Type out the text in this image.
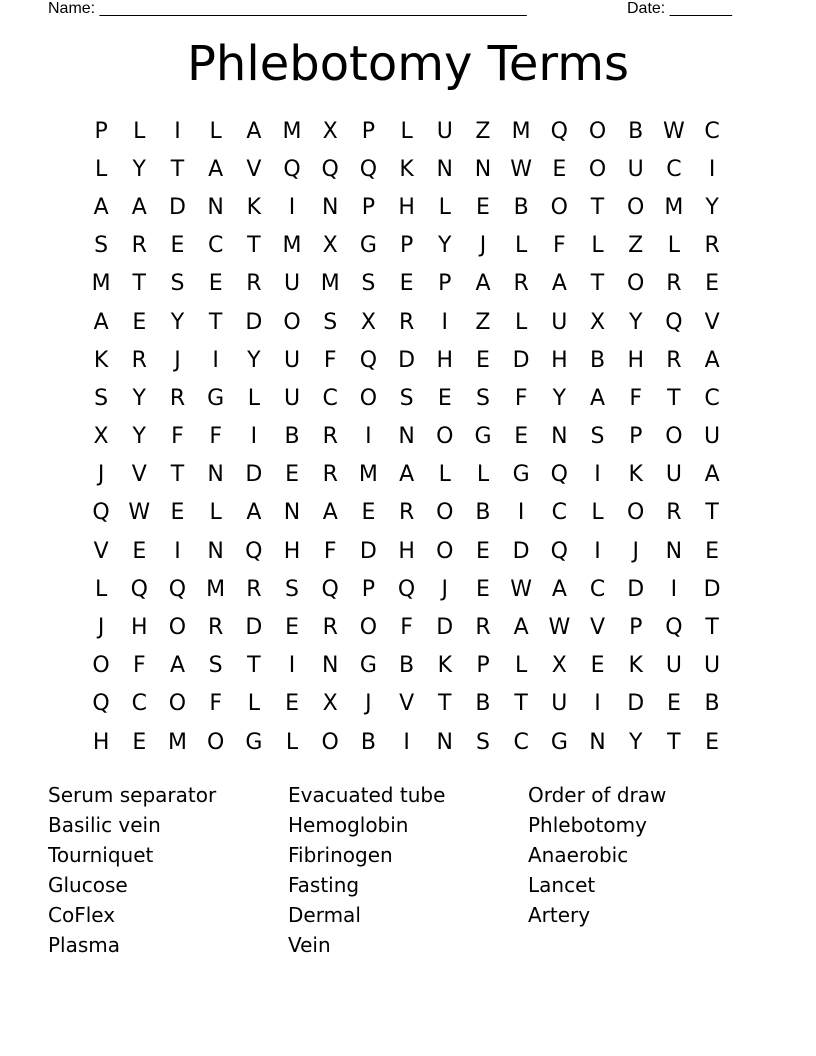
Name: ________________________________________________	Date: _______
Phlebotomy Terms
P	L	I	L	A M X	P	L	U	Z M Q O B W C
L	Y	T	A	V Q Q Q	K	N N W E	O U	C	I
A	A	D N	K	I	N	P	H	L	E	B O	T	O M Y
S	R	E	C	T M X	G	P	Y	J	L	F	L	Z	L	R
M T	S	E	R	U M S	E	P	A	R	A	T	O R	E
A	E	Y	T	D O	S	X	R	I	Z	L	U	X	Y	Q	V
K	R	J	I	Y	U	F	Q D H	E	D H	B	H	R	A
S	Y	R	G	L	U	C O	S	E	S	F	Y	A	F	T	C
X	Y	F	F	I	B	R	I	N O G	E	N	S	P	O U
J	V	T	N D	E	R M A	L	L	G Q	I	K	U	A
Q W E	L	A	N	A	E	R O B	I	C	L	O R	T
V	E	I	N Q H	F	D H O	E	D Q	I	J	N	E
L	Q Q M R	S	Q	P	Q	J	E W A	C	D	I	D
J	H O R	D	E	R O	F	D	R	A W V	P	Q	T
O	F	A	S	T	I	N G	B	K	P	L	X	E	K	U	U
Q C O	F	L	E	X	J	V	T	B	T	U	I	D	E	B
H	E M O G	L	O B	I	N	S	C G N	Y	T	E
Serum separator
Basilic vein
Tourniquet
Glucose
CoFlex
Plasma
Evacuated tube
Hemoglobin
Fibrinogen
Fasting
Dermal
Vein
Order of draw
Phlebotomy
Anaerobic
Lancet
Artery
